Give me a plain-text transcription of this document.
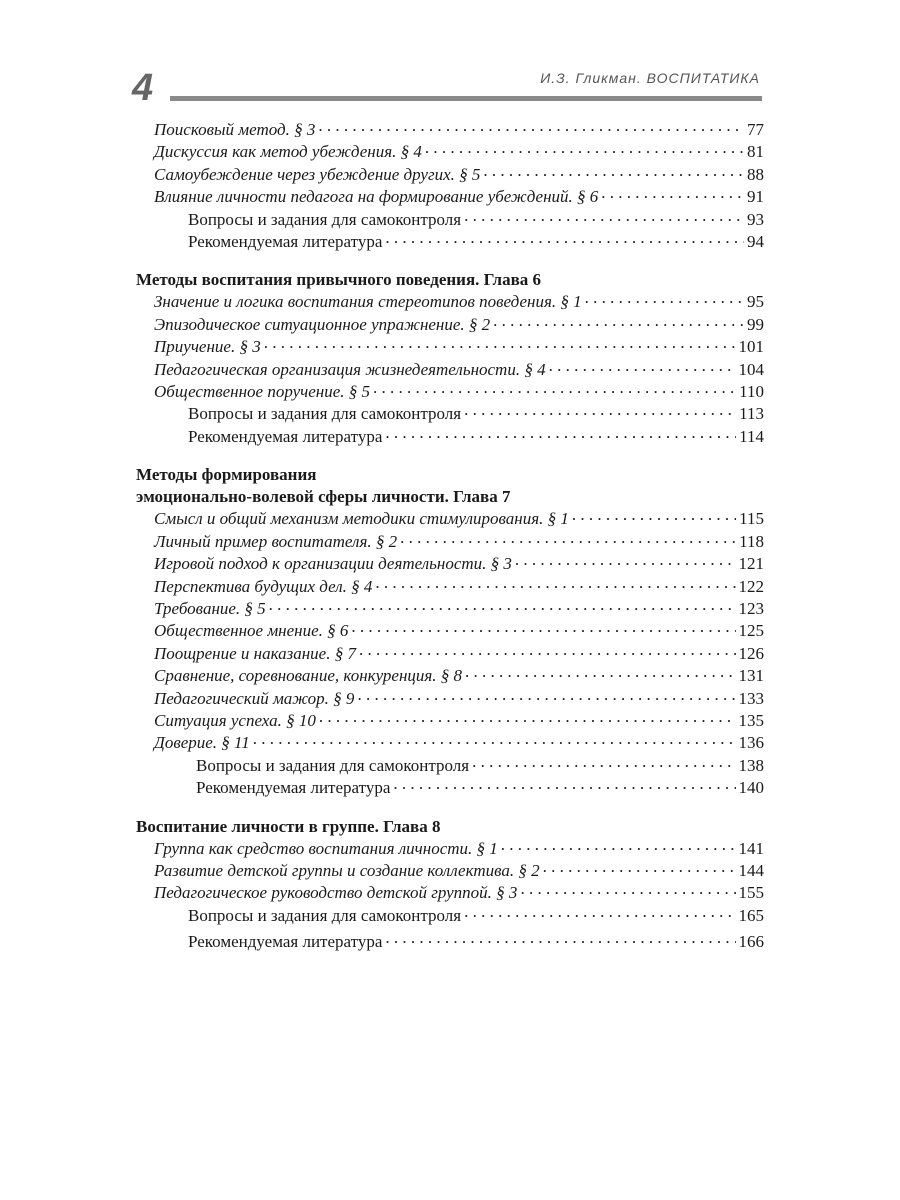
4	И.З. Гликман. ВОСПИТАТИКА
Поисковый метод. § 3 . . .	77
Дискуссия как метод убеждения. § 4 . . .	81
Самоубеждение через убеждение других. § 5 . . .	88
Влияние личности педагога на формирование убеждений. § 6 . . .	91
Вопросы и задания для самоконтроля . . .	93
Рекомендуемая литература . . .	94
Методы воспитания привычного поведения. Глава 6
Значение и логика воспитания стереотипов поведения. § 1 . . .	95
Эпизодическое ситуационное упражнение. § 2 . . .	99
Приучение. § 3 . . .	101
Педагогическая организация жизнедеятельности. § 4 . . .	104
Общественное поручение. § 5 . . .	110
Вопросы и задания для самоконтроля . . .	113
Рекомендуемая литература . . .	114
Методы формирования
эмоционально-волевой сферы личности. Глава 7
Смысл и общий механизм методики стимулирования. § 1 . . .	115
Личный пример воспитателя. § 2 . . .	118
Игровой подход к организации деятельности. § 3 . . .	121
Перспектива будущих дел. § 4 . . .	122
Требование. § 5 . . .	123
Общественное мнение. § 6 . . .	125
Поощрение и наказание. § 7 . . .	126
Сравнение, соревнование, конкуренция. § 8 . . .	131
Педагогический мажор. § 9 . . .	133
Ситуация успеха. § 10 . . .	135
Доверие. § 11 . . .	136
Вопросы и задания для самоконтроля . . .	138
Рекомендуемая литература . . .	140
Воспитание личности в группе. Глава 8
Группа как средство воспитания личности. § 1 . . .	141
Развитие детской группы и создание коллектива. § 2 . . .	144
Педагогическое руководство детской группой. § 3 . . .	155
Вопросы и задания для самоконтроля . . .	165
Рекомендуемая литература . . .	166
